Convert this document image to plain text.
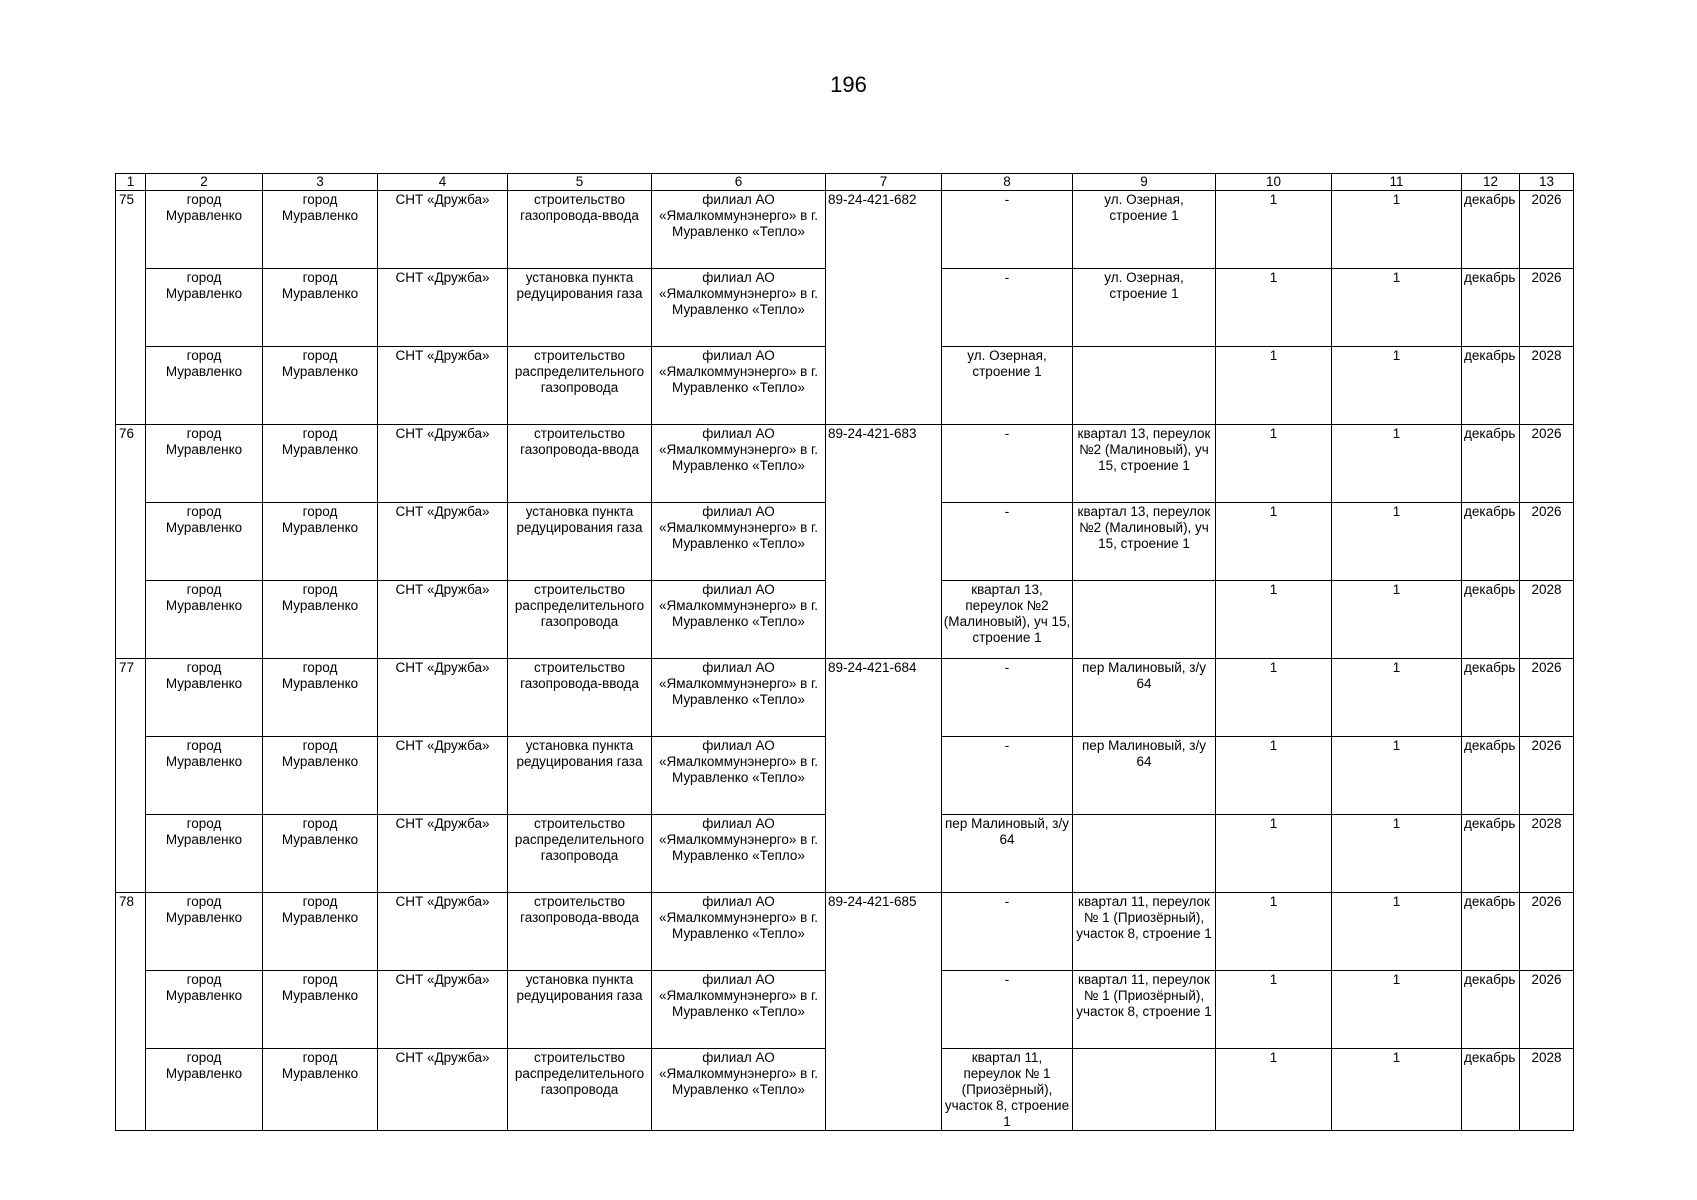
196
1	2	3	4	5	6	7	8	9	10	11	12	13
75	город Муравленко	город Муравленко	СНТ «Дружба»	строительство газопровода-ввода	филиал АО «Ямалкоммунэнерго» в г. Муравленко «Тепло»	89-24-421-682	-	ул. Озерная, строение 1	1	1	декабрь	2026
	город Муравленко	город Муравленко	СНТ «Дружба»	установка пункта редуцирования газа	филиал АО «Ямалкоммунэнерго» в г. Муравленко «Тепло»		-	ул. Озерная, строение 1	1	1	декабрь	2026
	город Муравленко	город Муравленко	СНТ «Дружба»	строительство распределительного газопровода	филиал АО «Ямалкоммунэнерго» в г. Муравленко «Тепло»		ул. Озерная, строение 1		1	1	декабрь	2028
76	город Муравленко	город Муравленко	СНТ «Дружба»	строительство газопровода-ввода	филиал АО «Ямалкоммунэнерго» в г. Муравленко «Тепло»	89-24-421-683	-	квартал 13, переулок №2 (Малиновый), уч 15, строение 1	1	1	декабрь	2026
	город Муравленко	город Муравленко	СНТ «Дружба»	установка пункта редуцирования газа	филиал АО «Ямалкоммунэнерго» в г. Муравленко «Тепло»		-	квартал 13, переулок №2 (Малиновый), уч 15, строение 1	1	1	декабрь	2026
	город Муравленко	город Муравленко	СНТ «Дружба»	строительство распределительного газопровода	филиал АО «Ямалкоммунэнерго» в г. Муравленко «Тепло»		квартал 13, переулок №2 (Малиновый), уч 15, строение 1		1	1	декабрь	2028
77	город Муравленко	город Муравленко	СНТ «Дружба»	строительство газопровода-ввода	филиал АО «Ямалкоммунэнерго» в г. Муравленко «Тепло»	89-24-421-684	-	пер Малиновый, з/у 64	1	1	декабрь	2026
	город Муравленко	город Муравленко	СНТ «Дружба»	установка пункта редуцирования газа	филиал АО «Ямалкоммунэнерго» в г. Муравленко «Тепло»		-	пер Малиновый, з/у 64	1	1	декабрь	2026
	город Муравленко	город Муравленко	СНТ «Дружба»	строительство распределительного газопровода	филиал АО «Ямалкоммунэнерго» в г. Муравленко «Тепло»		пер Малиновый, з/у 64		1	1	декабрь	2028
78	город Муравленко	город Муравленко	СНТ «Дружба»	строительство газопровода-ввода	филиал АО «Ямалкоммунэнерго» в г. Муравленко «Тепло»	89-24-421-685	-	квартал 11, переулок № 1 (Приозёрный), участок 8, строение 1	1	1	декабрь	2026
	город Муравленко	город Муравленко	СНТ «Дружба»	установка пункта редуцирования газа	филиал АО «Ямалкоммунэнерго» в г. Муравленко «Тепло»		-	квартал 11, переулок № 1 (Приозёрный), участок 8, строение 1	1	1	декабрь	2026
	город Муравленко	город Муравленко	СНТ «Дружба»	строительство распределительного газопровода	филиал АО «Ямалкоммунэнерго» в г. Муравленко «Тепло»		квартал 11, переулок № 1 (Приозёрный), участок 8, строение 1		1	1	декабрь	2028
